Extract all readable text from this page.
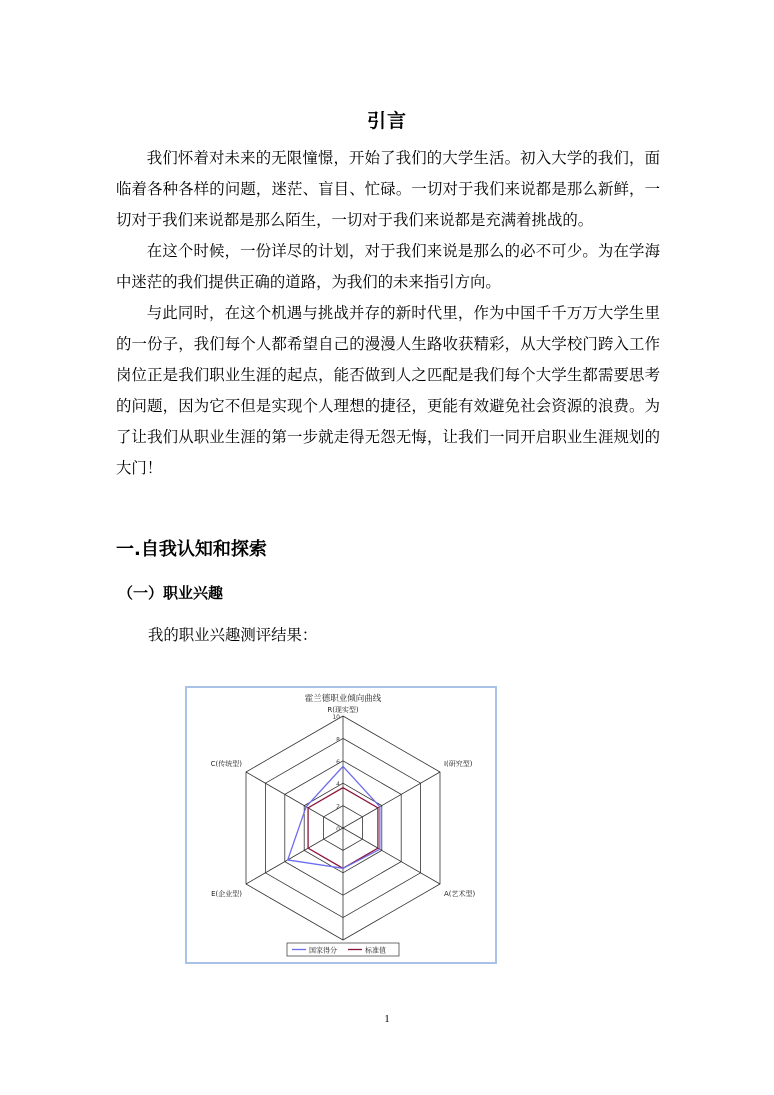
引言

我们怀着对未来的无限憧憬，开始了我们的大学生活。初入大学的我们，面临着各种各样的问题，迷茫、盲目、忙碌。一切对于我们来说都是那么新鲜，一切对于我们来说都是那么陌生，一切对于我们来说都是充满着挑战的。

在这个时候，一份详尽的计划，对于我们来说是那么的必不可少。为在学海中迷茫的我们提供正确的道路，为我们的未来指引方向。

与此同时，在这个机遇与挑战并存的新时代里，作为中国千千万万大学生里的一份子，我们每个人都希望自己的漫漫人生路收获精彩，从大学校门跨入工作岗位正是我们职业生涯的起点，能否做到人之匹配是我们每个大学生都需要思考的问题，因为它不但是实现个人理想的捷径，更能有效避免社会资源的浪费。为了让我们从职业生涯的第一步就走得无怨无悔，让我们一同开启职业生涯规划的大门！

一.自我认知和探索
（一）职业兴趣
我的职业兴趣测评结果：
霍兰德职业倾向曲线
0
2
4
6
8
10
R(现实型)
I(研究型)
A(艺术型)
E(企业型)
C(传统型)
国家得分	标准值
1
